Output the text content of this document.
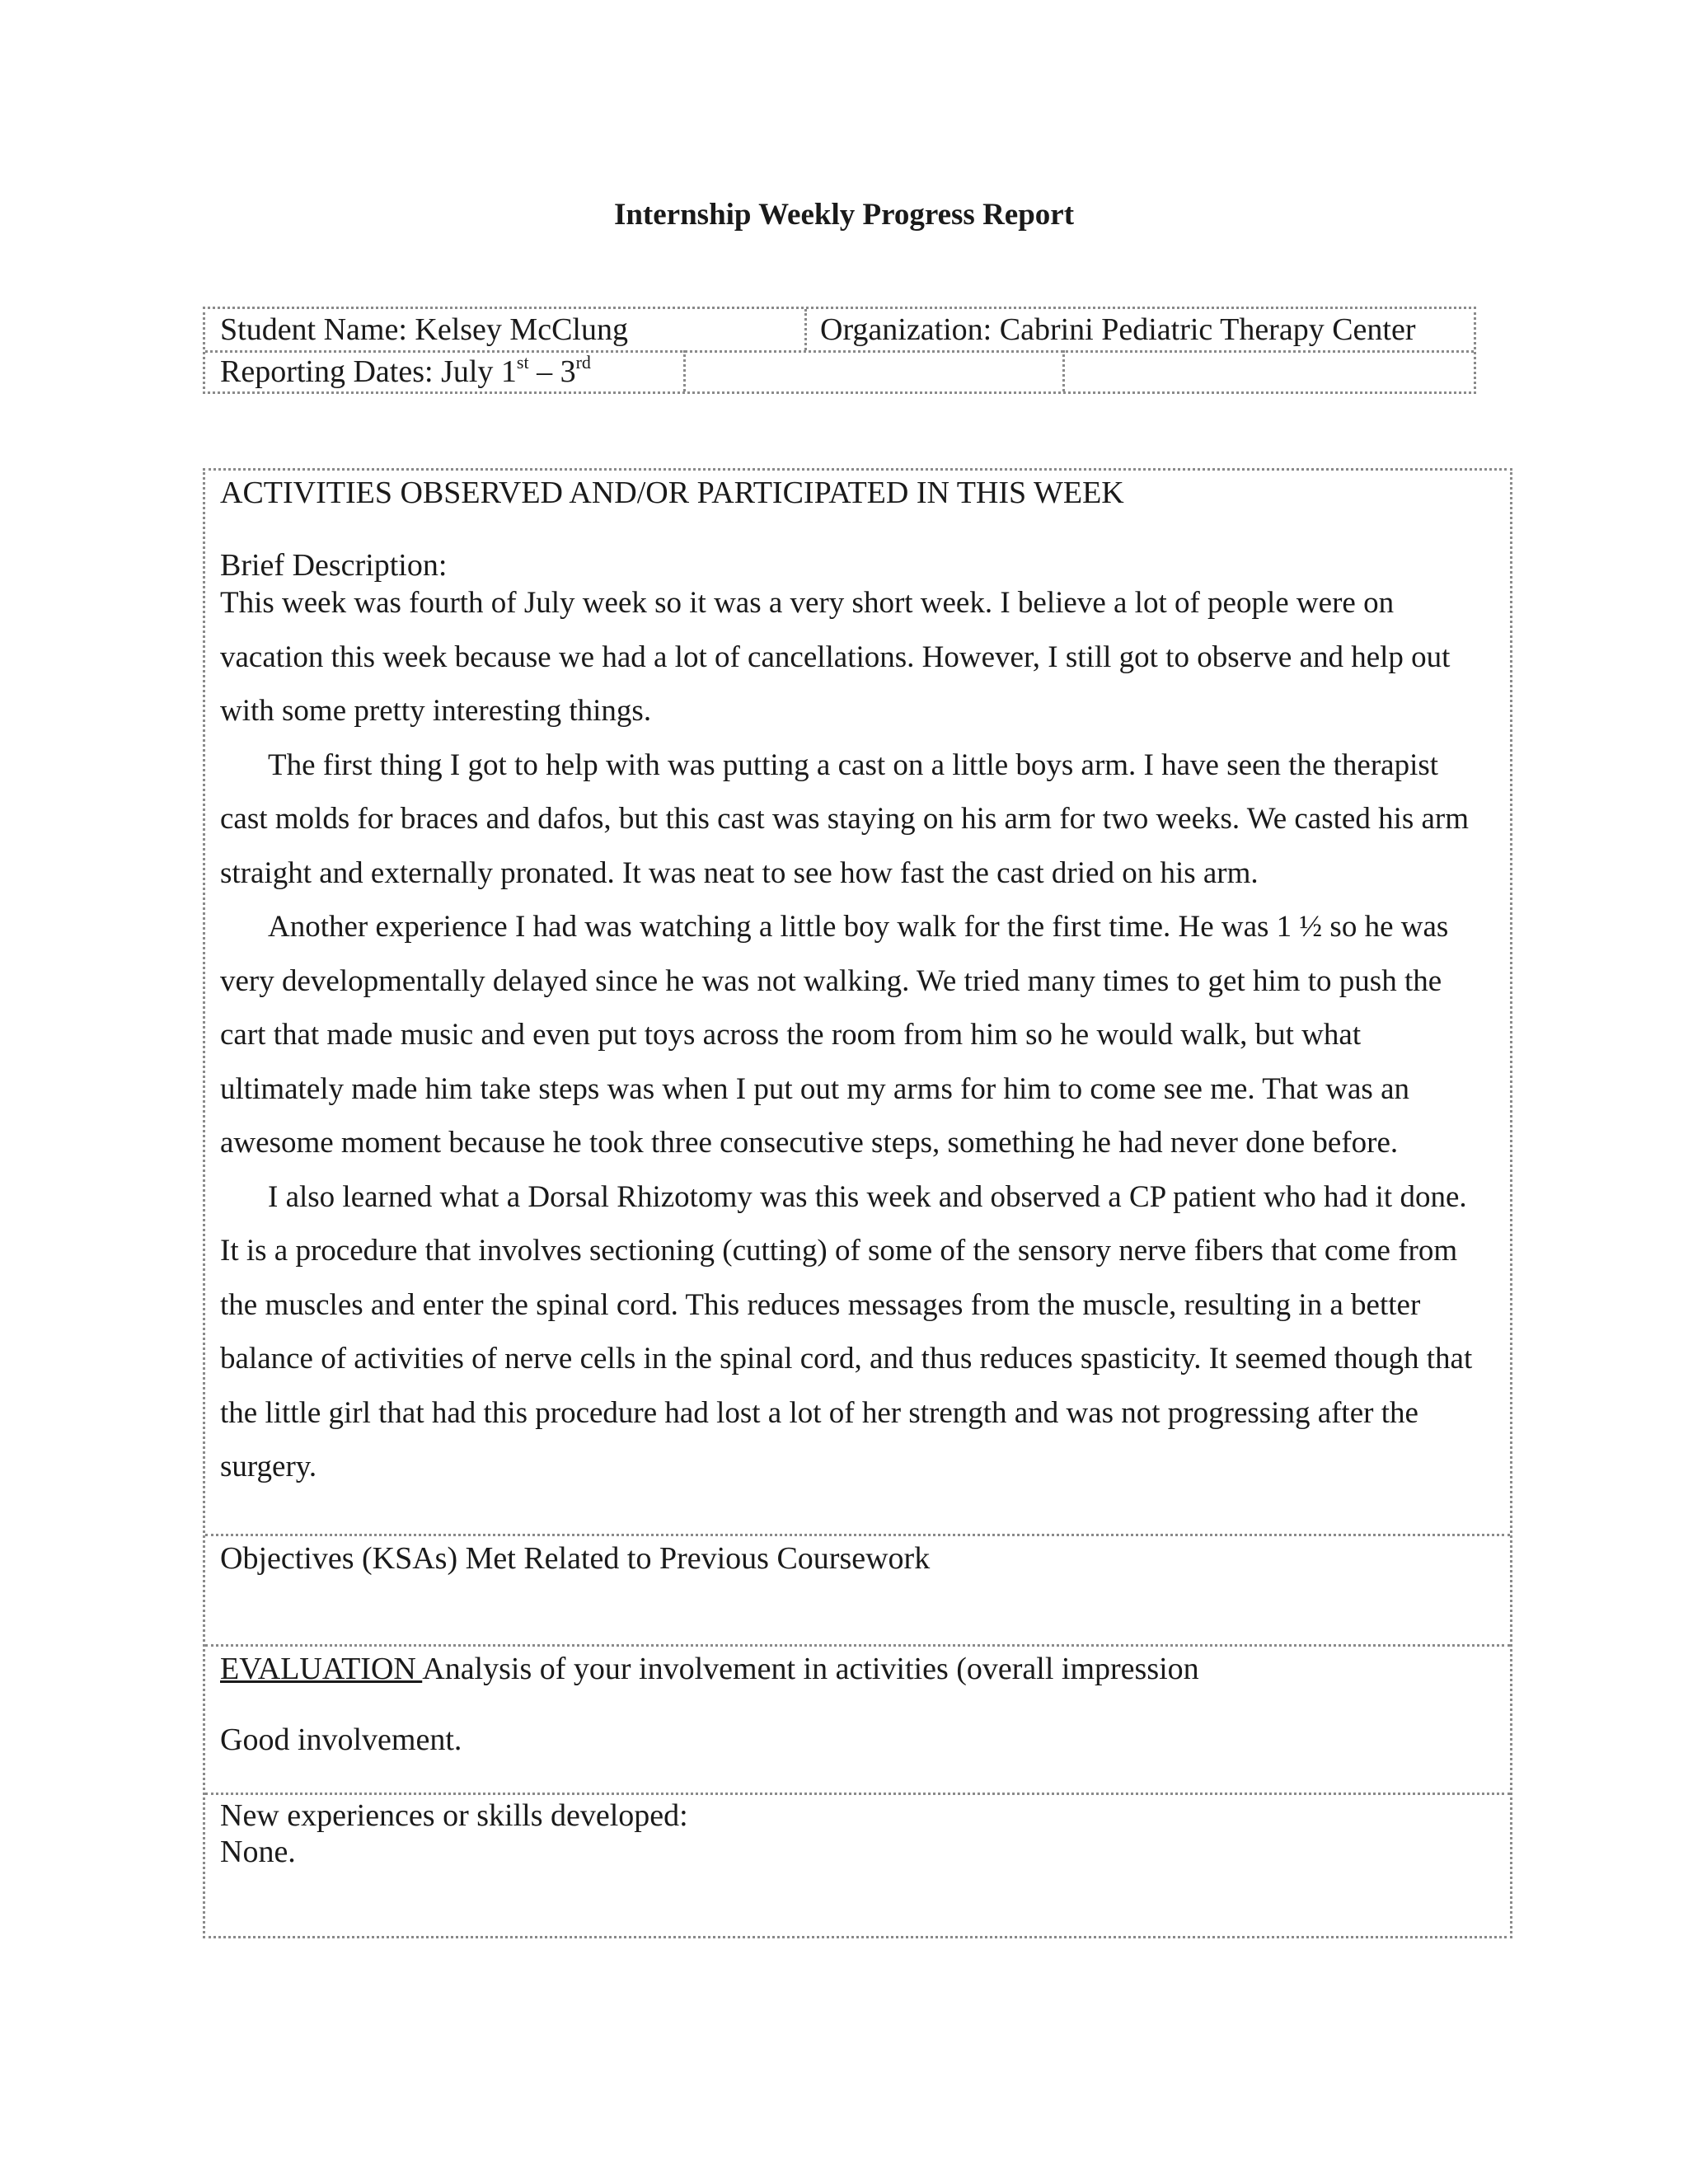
Internship Weekly Progress Report
Student Name: Kelsey McClung	Organization: Cabrini Pediatric Therapy Center
Reporting Dates: July 1st – 3rd
ACTIVITIES OBSERVED AND/OR PARTICIPATED IN THIS WEEK
Brief Description:

This week was fourth of July week so it was a very short week. I believe a lot of people were on vacation this week because we had a lot of cancellations. However, I still got to observe and help out with some pretty interesting things.

The first thing I got to help with was putting a cast on a little boys arm. I have seen the therapist cast molds for braces and dafos, but this cast was staying on his arm for two weeks. We casted his arm straight and externally pronated. It was neat to see how fast the cast dried on his arm.

Another experience I had was watching a little boy walk for the first time. He was 1 ½ so he was very developmentally delayed since he was not walking. We tried many times to get him to push the cart that made music and even put toys across the room from him so he would walk, but what ultimately made him take steps was when I put out my arms for him to come see me. That was an awesome moment because he took three consecutive steps, something he had never done before.

I also learned what a Dorsal Rhizotomy was this week and observed a CP patient who had it done. It is a procedure that involves sectioning (cutting) of some of the sensory nerve fibers that come from the muscles and enter the spinal cord. This reduces messages from the muscle, resulting in a better balance of activities of nerve cells in the spinal cord, and thus reduces spasticity. It seemed though that the little girl that had this procedure had lost a lot of her strength and was not progressing after the surgery.

Objectives (KSAs) Met Related to Previous Coursework
EVALUATION Analysis of your involvement in activities (overall impression
Good involvement.
New experiences or skills developed:
None.
